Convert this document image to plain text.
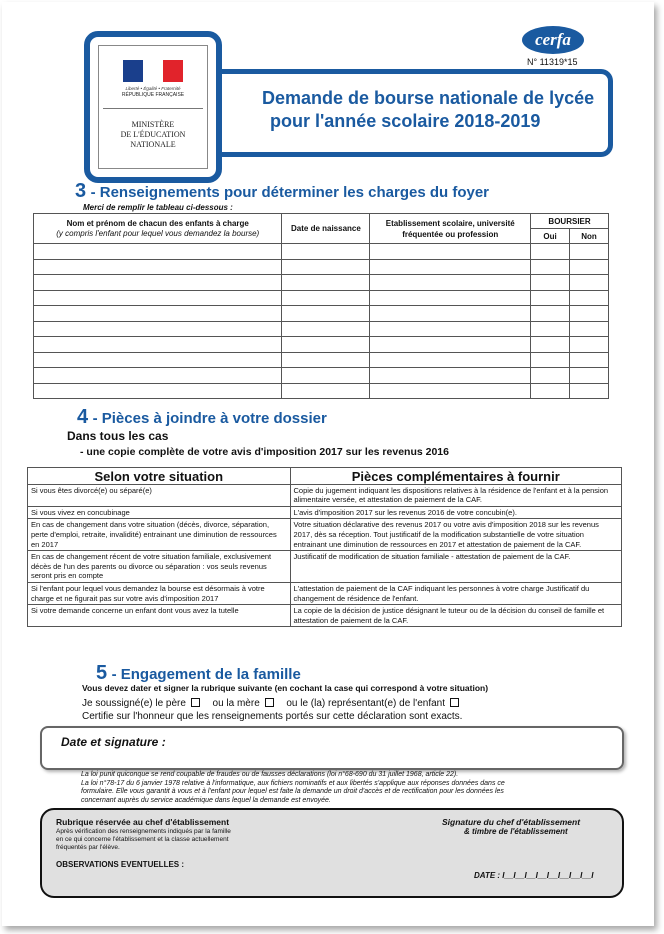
Liberté • Égalité • Fraternité
RÉPUBLIQUE FRANÇAISE
MINISTÈRE
DE L'ÉDUCATION
NATIONALE
Demande de bourse nationale de lycée
pour l'année scolaire 2018-2019
cerfa
N° 11319*15
3 - Renseignements pour déterminer les charges du foyer
Merci de remplir le tableau ci-dessous :
Nom et prénom de chacun des enfants à charge
(y compris l'enfant pour lequel vous demandez la bourse)	Date de naissance	Etablissement scolaire, université fréquentée ou profession	BOURSIER	
			Oui	Non

4 - Pièces à joindre à votre dossier
Dans tous les cas
- une copie complète de votre avis d'imposition 2017 sur les revenus 2016
Selon votre situation	Pièces complémentaires à fournir
Si vous êtes divorcé(e) ou séparé(e)	Copie du jugement indiquant les dispositions relatives à la résidence de l'enfant et à la pension alimentaire versée, et attestation de paiement de la CAF.
Si vous vivez en concubinage	L'avis d'imposition 2017 sur les revenus 2016 de votre concubin(e).
En cas de changement dans votre situation (décès, divorce, séparation, perte d'emploi, retraite, invalidité) entrainant une diminution de ressources en 2017	Votre situation déclarative des revenus 2017 ou votre avis d'imposition 2018 sur les revenus 2017, dès sa réception. Tout justificatif de la modification substantielle de votre situation entrainant une diminution de ressources en 2017 et attestation de paiement de la CAF.
En cas de changement récent de votre situation familiale, exclusivement décès de l'un des parents ou divorce ou séparation : vos seuls revenus seront pris en compte	Justificatif de modification de situation familiale - attestation de paiement de la CAF.
Si l'enfant pour lequel vous demandez la bourse est désormais à votre charge et ne figurait pas sur votre avis d'imposition 2017	L'attestation de paiement de la CAF indiquant les personnes à votre charge Justificatif du changement de résidence de l'enfant.
Si votre demande concerne un enfant dont vous avez la tutelle	La copie de la décision de justice désignant le tuteur ou de la décision du conseil de famille et attestation de paiement de la CAF.
5 - Engagement de la famille
Vous devez dater et signer la rubrique suivante (en cochant la case qui correspond à votre situation)
Je soussigné(e) le père	ou la mère	ou le (la) représentant(e) de l'enfant
Certifie sur l'honneur que les renseignements portés sur cette déclaration sont exacts.
Date et signature :
La loi punit quiconque se rend coupable de fraudes ou de fausses déclarations (loi n°68-690 du 31 juillet 1968, article 22).
La loi n°78-17 du 6 janvier 1978 relative à l'informatique, aux fichiers nominatifs et aux libertés s'applique aux réponses données dans ce
formulaire. Elle vous garantit à vous et à l'enfant pour lequel est faite la demande un droit d'accès et de rectification pour les données les
concernant auprès du service académique dans lequel la demande est envoyée.
Rubrique réservée au chef d'établissement
Après vérification des renseignements indiqués par la famille
en ce qui concerne l'établissement et la classe actuellement
fréquentés par l'élève.
OBSERVATIONS EVENTUELLES :
Signature du chef d'établissement
& timbre de l'établissement
DATE : I__I__I__I__I__I__I__I__I
